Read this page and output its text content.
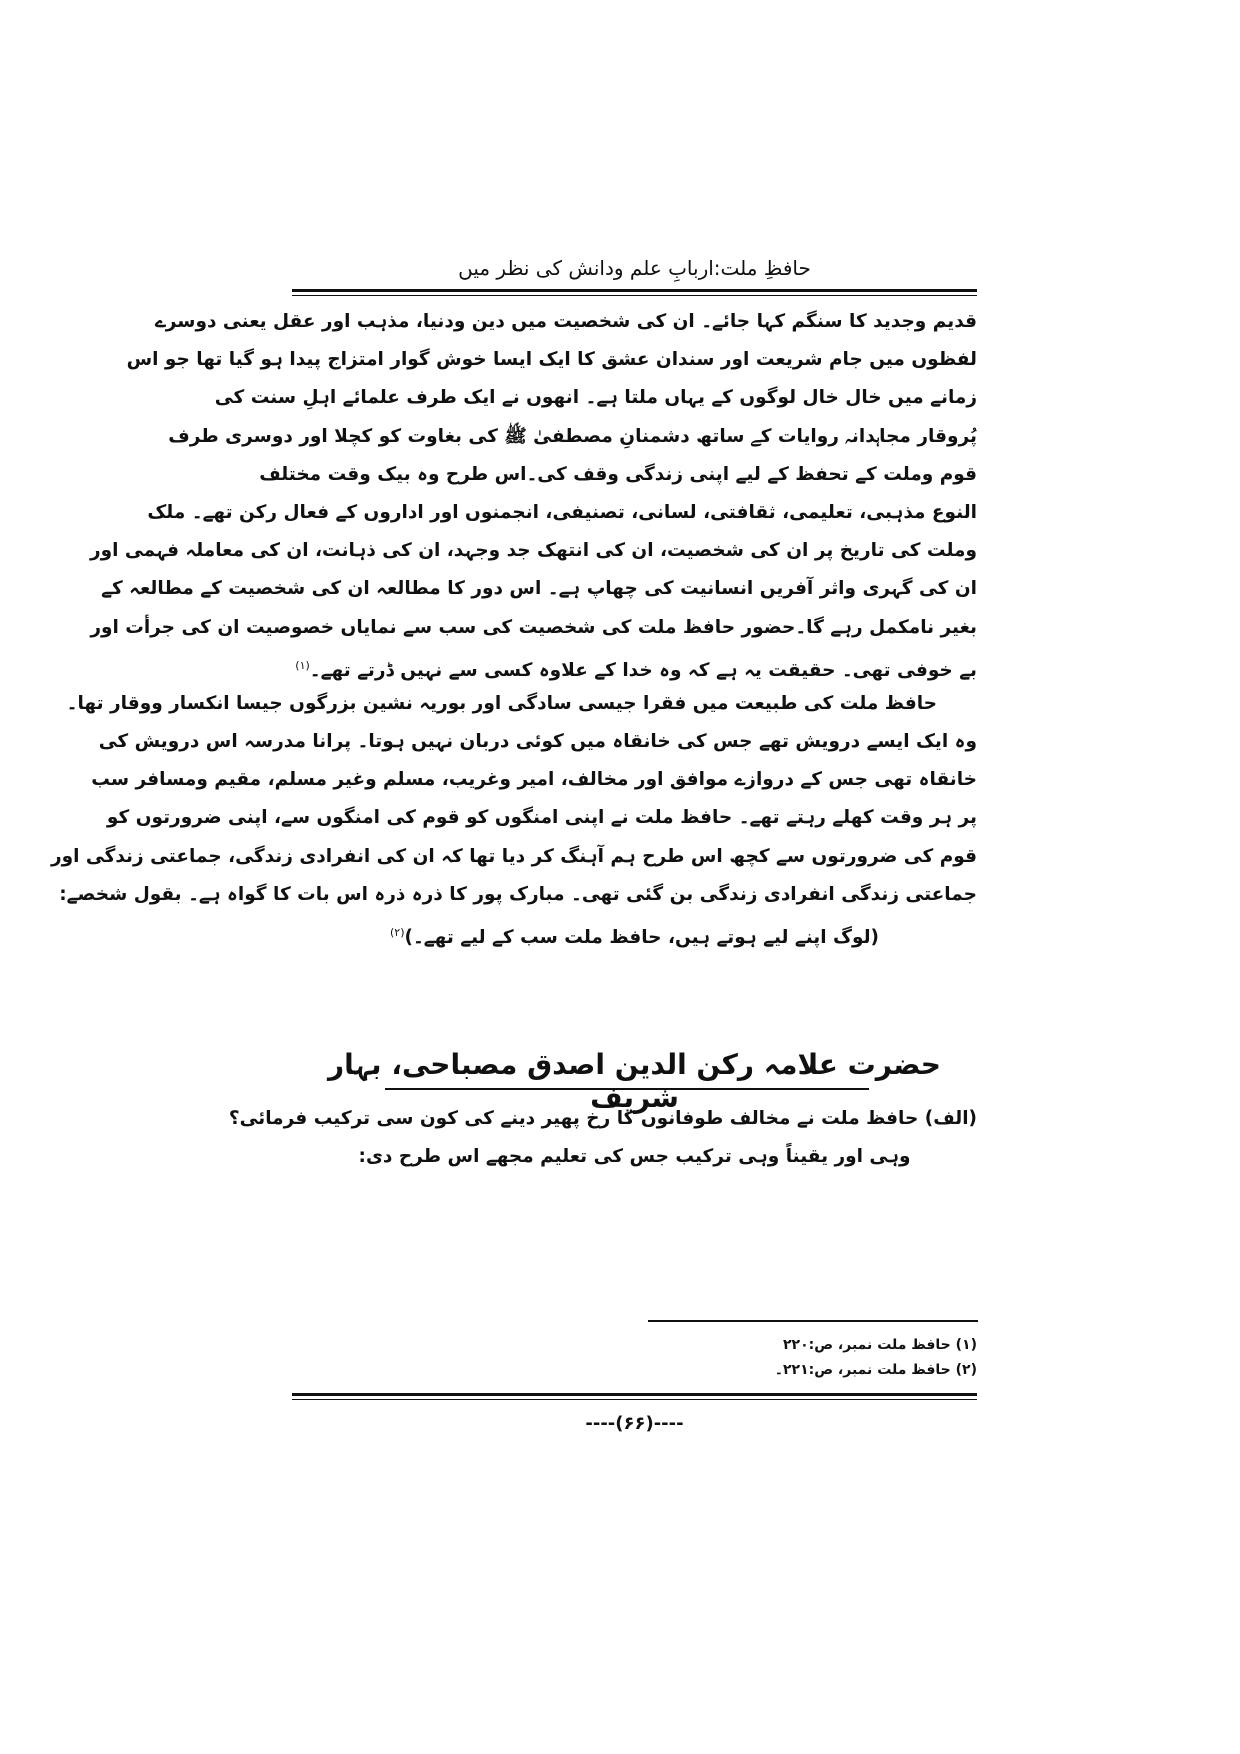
حافظِ ملت:اربابِ علم ودانش کی نظر میں
قدیم وجدید کا سنگم کہا جائے۔ ان کی شخصیت میں دین ودنیا، مذہب اور عقل یعنی دوسرے
لفظوں میں جام شریعت اور سندان عشق کا ایک ایسا خوش گوار امتزاج پیدا ہو گیا تھا جو اس
زمانے میں خال خال لوگوں کے یہاں ملتا ہے۔ انھوں نے ایک طرف علمائے اہلِ سنت کی
پُروقار مجاہدانہ روایات کے ساتھ دشمنانِ مصطفیٰ ﷺ کی بغاوت کو کچلا اور دوسری طرف
قوم وملت کے تحفظ کے لیے اپنی زندگی وقف کی۔اس طرح وہ بیک وقت مختلف
النوع مذہبی، تعلیمی، ثقافتی، لسانی، تصنیفی، انجمنوں اور اداروں کے فعال رکن تھے۔ ملک
وملت کی تاریخ پر ان کی شخصیت، ان کی انتھک جد وجہد، ان کی ذہانت، ان کی معاملہ فہمی اور
ان کی گہری واثر آفریں انسانیت کی چھاپ ہے۔ اس دور کا مطالعہ ان کی شخصیت کے مطالعہ کے
بغیر نامکمل رہے گا۔حضور حافظ ملت کی شخصیت کی سب سے نمایاں خصوصیت ان کی جرأت اور
بے خوفی تھی۔ حقیقت یہ ہے کہ وہ خدا کے علاوہ کسی سے نہیں ڈرتے تھے۔$^{(۱)}$
حافظ ملت کی طبیعت میں فقرا جیسی سادگی اور بوریہ نشین بزرگوں جیسا انکسار ووقار تھا۔
وہ ایک ایسے درویش تھے جس کی خانقاہ میں کوئی دربان نہیں ہوتا۔ پرانا مدرسہ اس درویش کی
خانقاہ تھی جس کے دروازے موافق اور مخالف، امیر وغریب، مسلم وغیر مسلم، مقیم ومسافر سب
پر ہر وقت کھلے رہتے تھے۔ حافظ ملت نے اپنی امنگوں کو قوم کی امنگوں سے، اپنی ضرورتوں کو
قوم کی ضرورتوں سے کچھ اس طرح ہم آہنگ کر دیا تھا کہ ان کی انفرادی زندگی، جماعتی زندگی اور
جماعتی زندگی انفرادی زندگی بن گئی تھی۔ مبارک پور کا ذرہ ذرہ اس بات کا گواہ ہے۔ بقول شخصے:
(لوگ اپنے لیے ہوتے ہیں، حافظ ملت سب کے لیے تھے۔)$^{(۲)}$
حضرت علامہ رکن الدین اصدق مصباحی، بہار شریف
(الف) حافظ ملت نے مخالف طوفانوں کا رخ پھیر دینے کی کون سی ترکیب فرمائی؟
وہی اور یقیناً وہی ترکیب جس کی تعلیم مجھے اس طرح دی:
(۱) حافظ ملت نمبر، ص:۲۲۰
(۲) حافظ ملت نمبر، ص:۲۲۱۔
----(۶۶)----
